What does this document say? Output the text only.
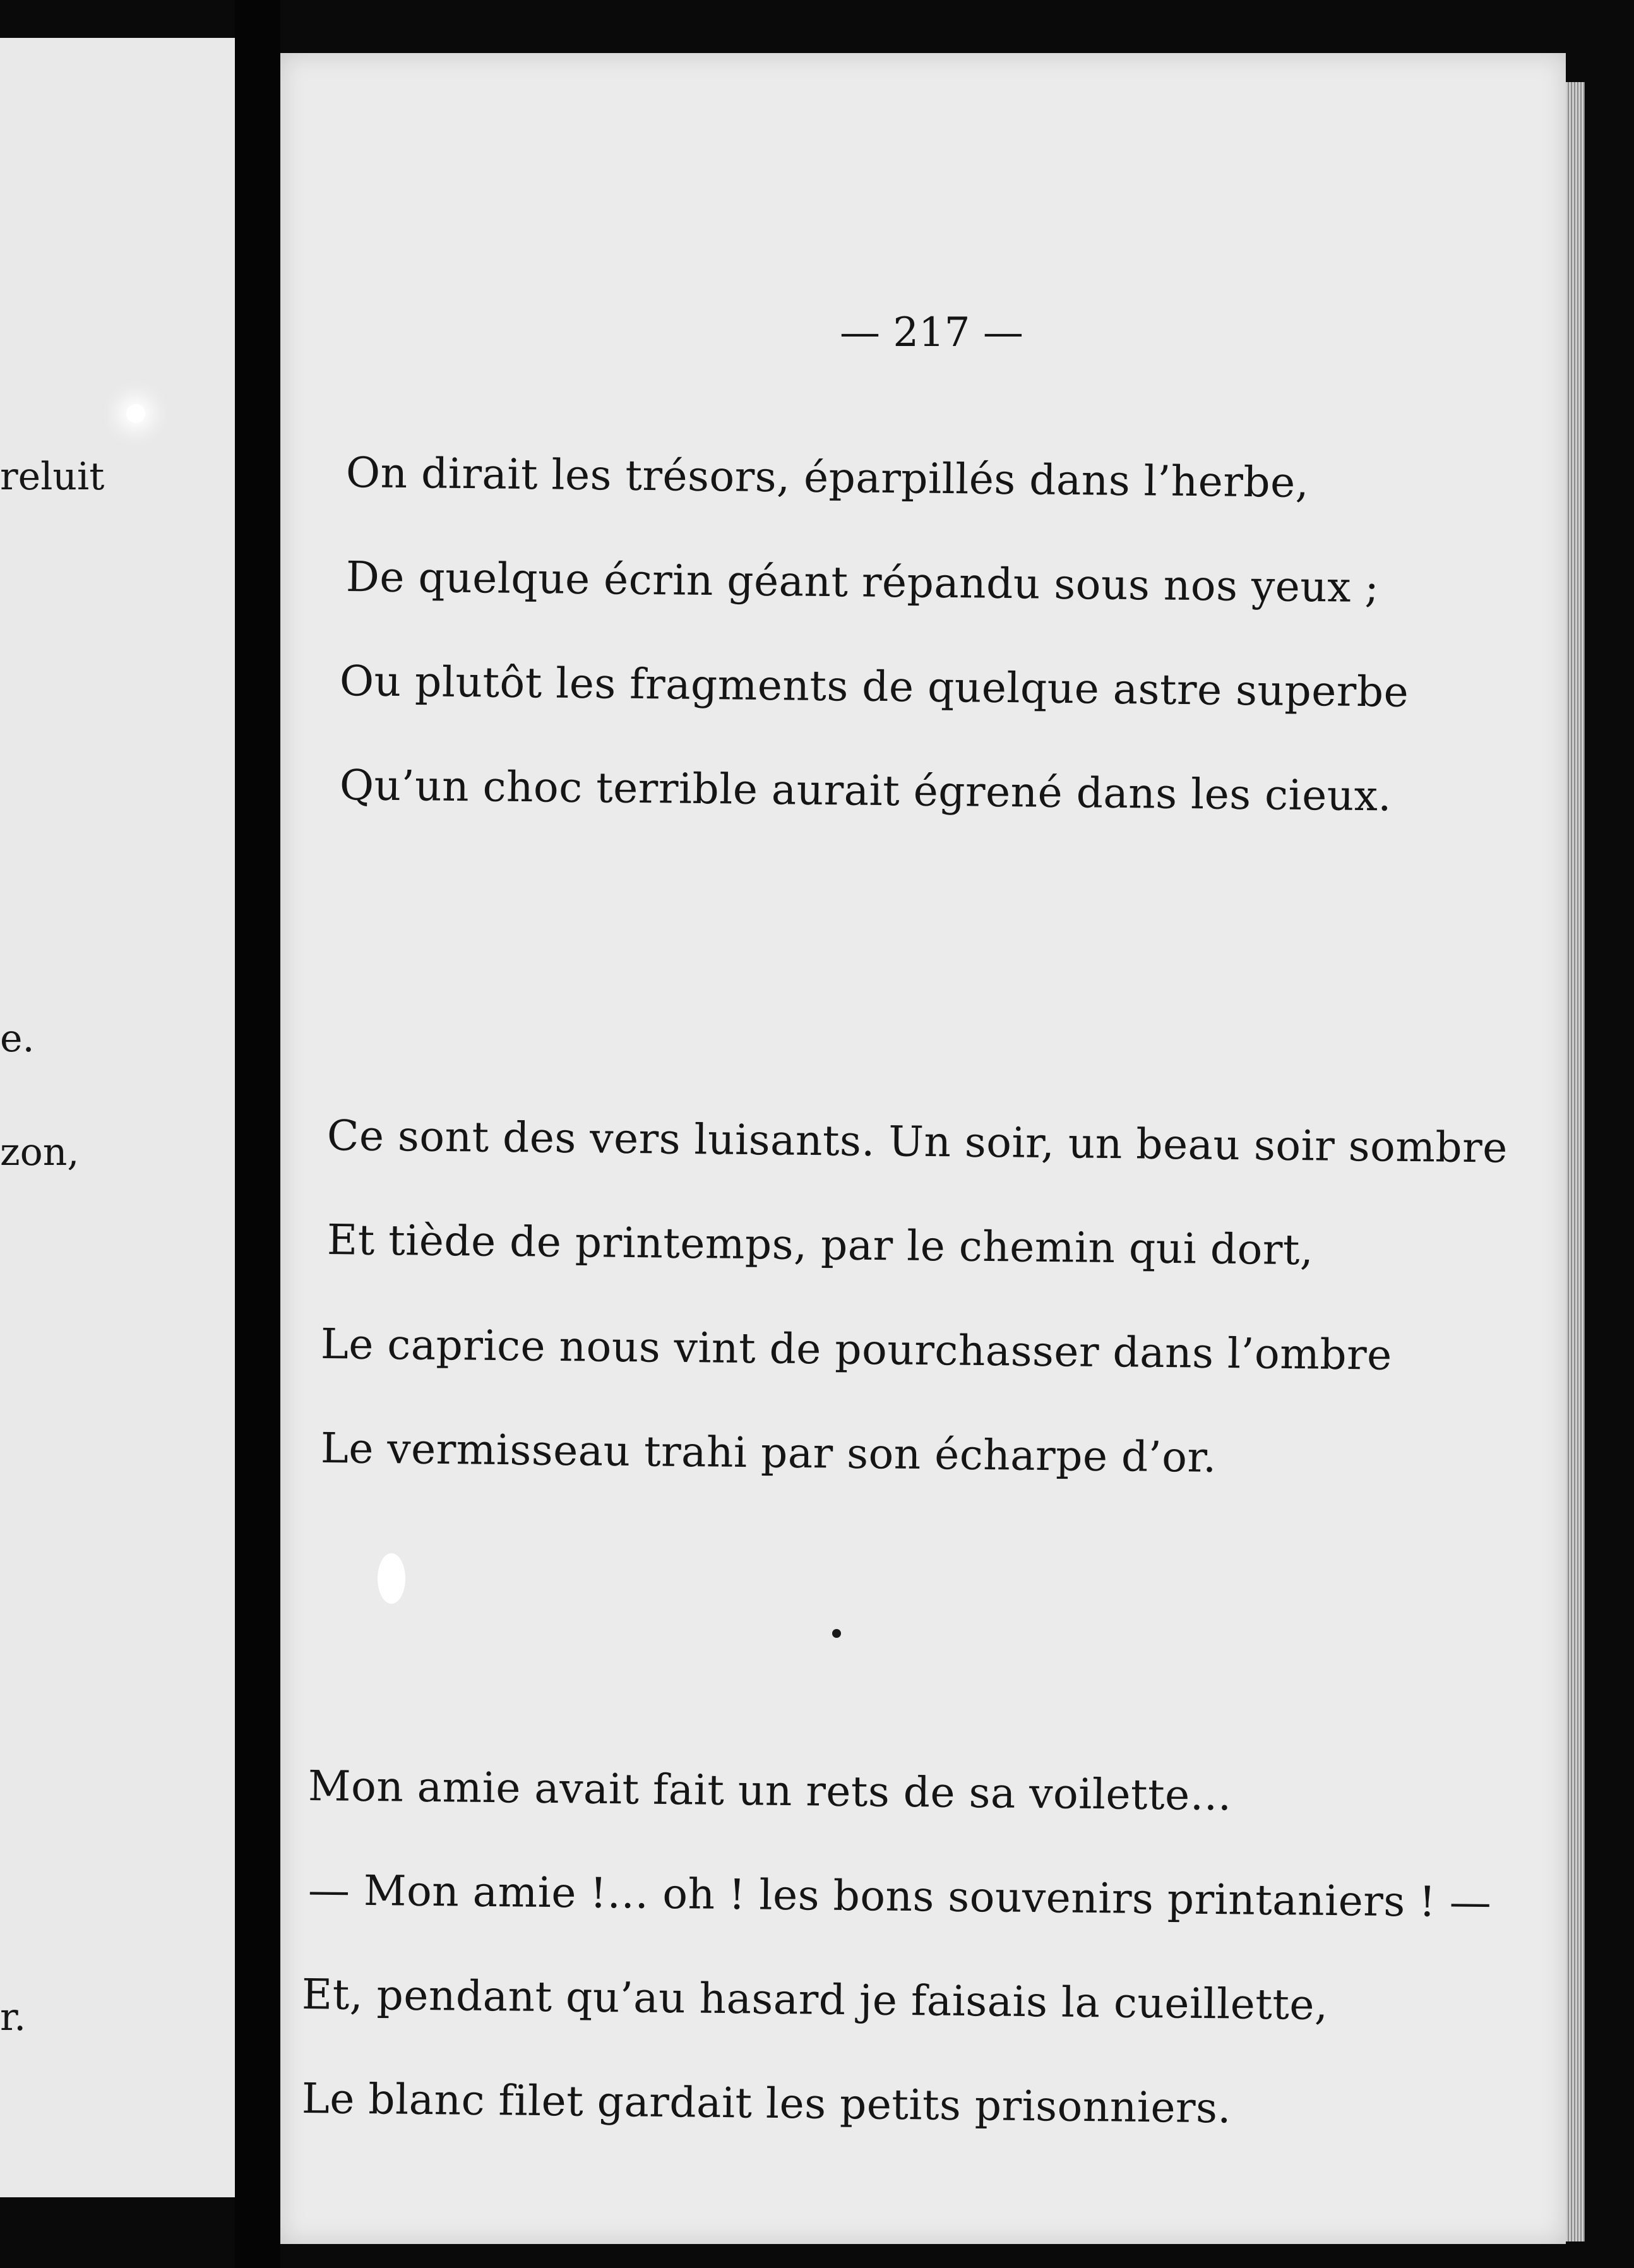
reluit
e.
zon,
r.
— 217 —
On dirait les trésors, éparpillés dans l’herbe,
De quelque écrin géant répandu sous nos yeux ;
Ou plutôt les fragments de quelque astre superbe
Qu’un choc terrible aurait égrené dans les cieux.
Ce sont des vers luisants. Un soir, un beau soir sombre
Et tiède de printemps, par le chemin qui dort,
Le caprice nous vint de pourchasser dans l’ombre
Le vermisseau trahi par son écharpe d’or.
Mon amie avait fait un rets de sa voilette…
— Mon amie !… oh ! les bons souvenirs printaniers ! —
Et, pendant qu’au hasard je faisais la cueillette,
Le blanc filet gardait les petits prisonniers.
